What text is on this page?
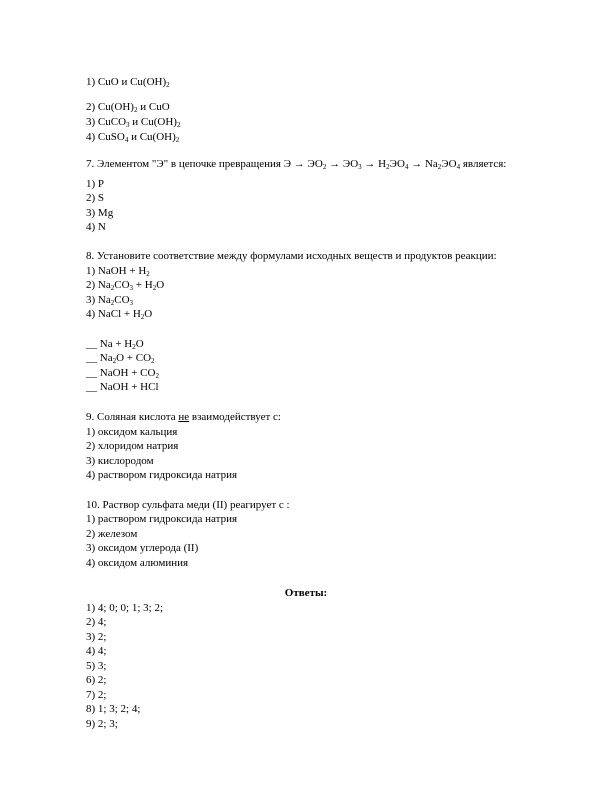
1) CuO и $Cu(OH)_2$
2) $Cu(OH)_2$ и CuO
3) CuCO$_3$ и $Cu(OH)_2$
4) CuSO$_4$ и $Cu(OH)_2$
7. Элементом "Э" в цепочке превращения $Э \to ЭО_2 \to ЭО_3 \to H_2ЭО_4 \to Na_2ЭО_4$ является:
1) P
2) S
3) Mg
4) N
8. Установите соответствие между формулами исходных веществ и продуктов реакции:
1) NaOH + $H_2$
2) $Na_2CO_3 + H_2O$
3) $Na_2CO_3$
4) NaCl + $H_2O$
__ $Na + H_2O$
__ $Na_2O + CO_2$
__ NaOH + $CO_2$
__ NaOH + HCl
9. Соляная кислота не взаимодействует с:
1) оксидом кальция
2) хлоридом натрия
3) кислородом
4) раствором гидроксида натрия
10. Раствор сульфата меди (II) реагирует с :
1) раствором гидроксида натрия
2) железом
3) оксидом углерода (II)
4) оксидом алюминия
Ответы:
1) 4; 0; 0; 1; 3; 2;
2) 4;
3) 2;
4) 4;
5) 3;
6) 2;
7) 2;
8) 1; 3; 2; 4;
9) 2; 3;
